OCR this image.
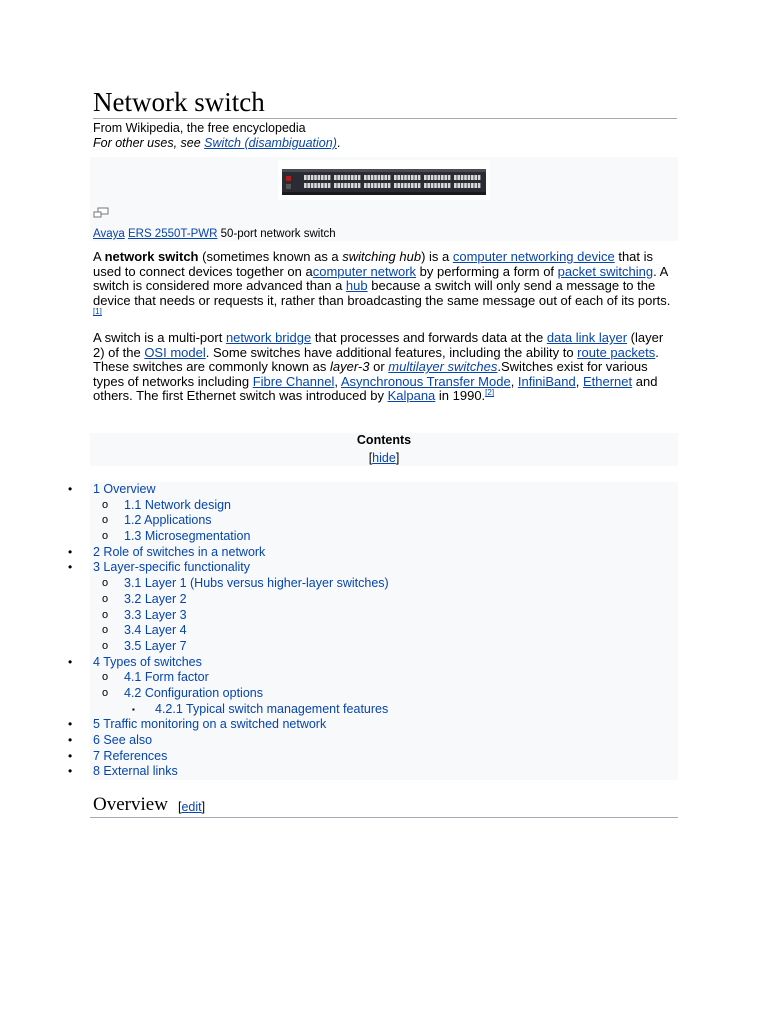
Network switch
From Wikipedia, the free encyclopedia
For other uses, see Switch (disambiguation).
Avaya ERS 2550T-PWR 50-port network switch

A network switch (sometimes known as a switching hub) is a computer networking device that is used to connect devices together on acomputer network by performing a form of packet switching. A switch is considered more advanced than a hub because a switch will only send a message to the device that needs or requests it, rather than broadcasting the same message out of each of its ports.[1]

A switch is a multi-port network bridge that processes and forwards data at the data link layer (layer 2) of the OSI model. Some switches have additional features, including the ability to route packets. These switches are commonly known as layer-3 or multilayer switches.Switches exist for various types of networks including Fibre Channel, Asynchronous Transfer Mode, InfiniBand, Ethernet and others. The first Ethernet switch was introduced by Kalpana in 1990.[2]

Contents
[hide]
• 1 Overview
o 1.1 Network design
o 1.2 Applications
o 1.3 Microsegmentation
• 2 Role of switches in a network
• 3 Layer-specific functionality
o 3.1 Layer 1 (Hubs versus higher-layer switches)
o 3.2 Layer 2
o 3.3 Layer 3
o 3.4 Layer 4
o 3.5 Layer 7
• 4 Types of switches
o 4.1 Form factor
o 4.2 Configuration options
▪ 4.2.1 Typical switch management features
• 5 Traffic monitoring on a switched network
• 6 See also
• 7 References
• 8 External links
Overview [edit]
